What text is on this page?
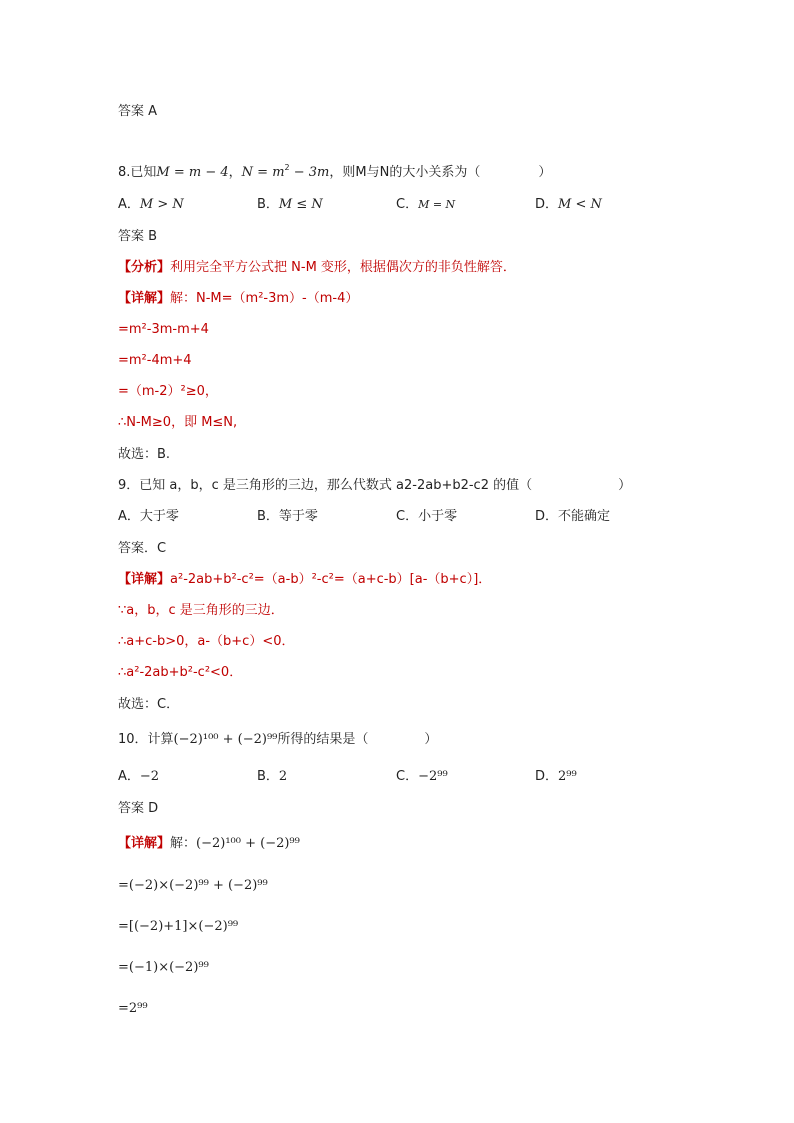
答案 A
8.已知M = m − 4，$N = m^2 - 3m$，则M与N的大小关系为（	）
A．M > N	B．M ≤ N	C．M = N	D．M < N
答案 B
【分析】利用完全平方公式把 N-M 变形，根据偶次方的非负性解答．
【详解】解：N-M=（m²-3m）-（m-4）
=m²-3m-m+4
=m²-4m+4
=（m-2）²≥0，
∴N-M≥0，即 M≤N,
故选：B.
9．已知 a，b，c 是三角形的三边，那么代数式 a2-2ab+b2-c2 的值（	）
A．大于零	B．等于零	C．小于零	D．不能确定
答案．C
【详解】a²-2ab+b²-c²=（a-b）²-c²=（a+c-b）[a-（b+c）]．
∵a，b，c 是三角形的三边．
∴a+c-b>0，a-（b+c）<0．
∴a²-2ab+b²-c²<0．
故选：C．
10．计算(−2)¹⁰⁰ + (−2)⁹⁹所得的结果是（	）
A．−2	B．2	C．−2⁹⁹	D．2⁹⁹
答案 D
【详解】解：(−2)¹⁰⁰ + (−2)⁹⁹
=(−2)×(−2)⁹⁹ + (−2)⁹⁹
=[(−2)+1]×(−2)⁹⁹
=(−1)×(−2)⁹⁹
=2⁹⁹
